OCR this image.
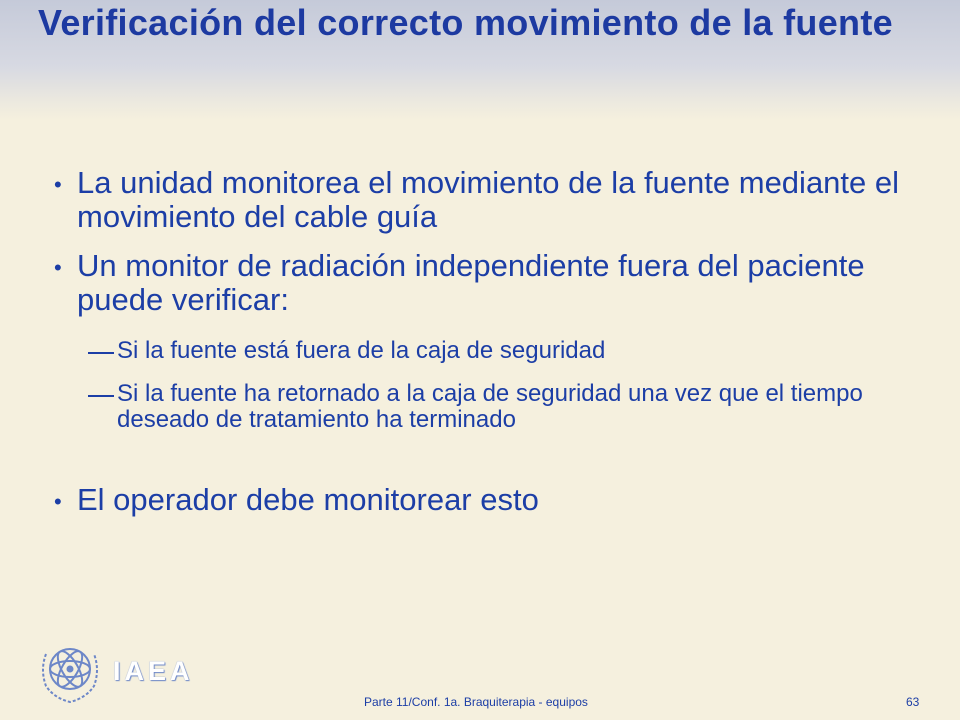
Verificación del correcto movimiento de la fuente
• La unidad monitorea el movimiento de la fuente mediante el movimiento del cable guía
• Un monitor de radiación independiente fuera del paciente puede verificar:
Si la fuente está fuera de la caja de seguridad
Si la fuente ha retornado a la caja de seguridad una vez que el tiempo deseado de tratamiento ha terminado
• El operador debe monitorear esto
IAEA
Parte 11/Conf. 1a. Braquiterapia - equipos	63
